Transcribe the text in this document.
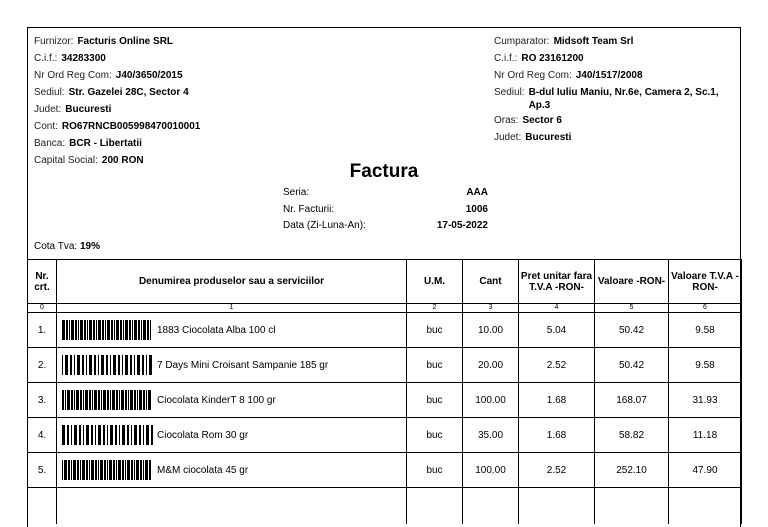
Furnizor: Facturis Online SRL
C.i.f.: 34283300
Nr Ord Reg Com: J40/3650/2015
Sediul: Str. Gazelei 28C, Sector 4
Judet: Bucuresti
Cont: RO67RNCB005998470010001
Banca: BCR - Libertatii
Capital Social: 200 RON
Cumparator: Midsoft Team Srl
C.i.f.: RO 23161200
Nr Ord Reg Com: J40/1517/2008
Sediul: B-dul Iuliu Maniu, Nr.6e, Camera 2, Sc.1, Ap.3
Oras: Sector 6
Judet: Bucuresti
Factura
Seria:	AAA
Nr. Facturii:	1006
Data (Zi-Luna-An):	17-05-2022
Cota Tva: 19%
Nr. crt.	Denumirea produselor sau a serviciilor	U.M.	Cant	Pret unitar fara T.V.A -RON-	Valoare -RON-	Valoare T.V.A -RON-
0	1	2	3	4	5	6
1.	1883 Ciocolata Alba 100 cl	buc	10.00	5.04	50.42	9.58
2.	7 Days Mini Croisant Sampanie 185 gr	buc	20.00	2.52	50.42	9.58
3.	Ciocolata KinderT 8 100 gr	buc	100.00	1.68	168.07	31.93
4.	Ciocolata Rom 30 gr	buc	35.00	1.68	58.82	11.18
5.	M&M ciocolata 45 gr	buc	100.00	2.52	252.10	47.90
